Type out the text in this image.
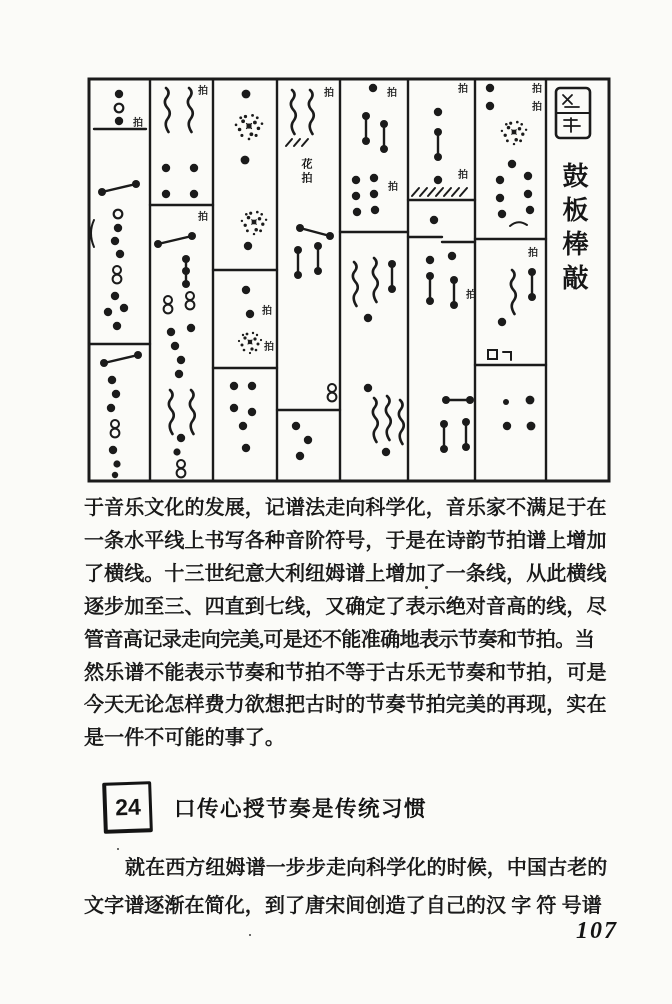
拍
拍
拍
拍
拍
拍	拍
拍
拍
拍
拍
拍
拍
拍
花拍	鼓板棒敲
于音乐文化的发展，记谱法走向科学化，音乐家不满足于在
一条水平线上书写各种音阶符号，于是在诗韵节拍谱上增加
了横线。十三世纪意大利纽姆谱上增加了一条线，从此横线
逐步加至三、四直到七线，又确定了表示绝对音高的线，尽
管音高记录走向完美,可是还不能准确地表示节奏和节拍。当
然乐谱不能表示节奏和节拍不等于古乐无节奏和节拍，可是
今天无论怎样费力欲想把古时的节奏节拍完美的再现，实在
是一件不可能的事了。
24 口传心授节奏是传统习惯
就在西方纽姆谱一步步走向科学化的时候，中国古老的
文字谱逐渐在简化，到了唐宋间创造了自己的汉 字 符 号谱
107
